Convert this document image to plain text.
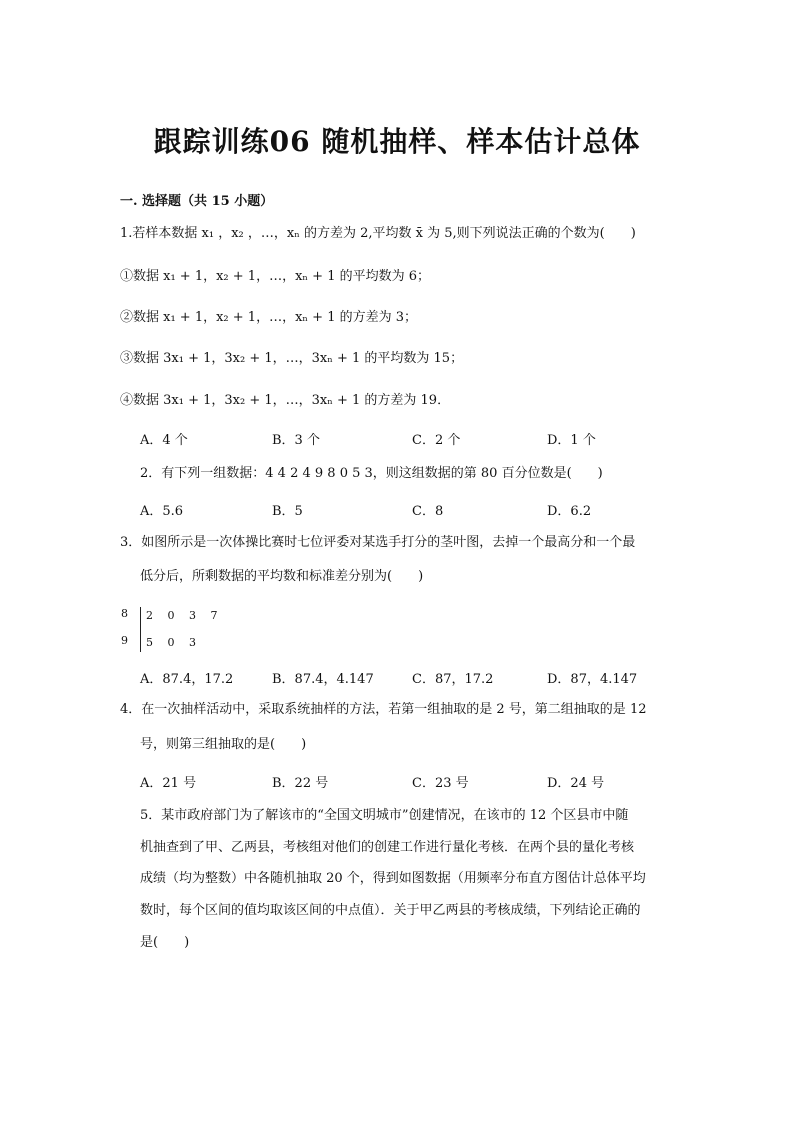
跟踪训练06 随机抽样、样本估计总体
一. 选择题（共 15 小题）
1.若样本数据 x₁ ，x₂ ，…，xₙ 的方差为 2,平均数 x̄ 为 5,则下列说法正确的个数为(　　)
①数据 x₁ + 1，x₂ + 1，…，xₙ + 1 的平均数为 6；
②数据 x₁ + 1，x₂ + 1，…，xₙ + 1 的方差为 3；
③数据 3x₁ + 1，3x₂ + 1，…，3xₙ + 1 的平均数为 15；
④数据 3x₁ + 1，3x₂ + 1，…，3xₙ + 1 的方差为 19．
A．4 个	B．3 个	C．2 个	D．1 个
2．有下列一组数据：4 4 2 4 9 8 0 5 3，则这组数据的第 80 百分位数是(　　)
A．5.6	B．5	C．8	D．6.2
3．如图所示是一次体操比赛时七位评委对某选手打分的茎叶图，去掉一个最高分和一个最
低分后，所剩数据的平均数和标准差分别为(　　)
8 2　 0　 3　 7
9 5　 0　 3
A．87.4，17.2	B．87.4，4.147	C．87，17.2	D．87，4.147
4．在一次抽样活动中，采取系统抽样的方法，若第一组抽取的是 2 号，第二组抽取的是 12
号，则第三组抽取的是(　　)
A．21 号	B．22 号	C．23 号	D．24 号
5．某市政府部门为了解该市的“全国文明城市”创建情况，在该市的 12 个区县市中随
机抽查到了甲、乙两县，考核组对他们的创建工作进行量化考核．在两个县的量化考核
成绩（均为整数）中各随机抽取 20 个，得到如图数据（用频率分布直方图估计总体平均
数时，每个区间的值均取该区间的中点值）．关于甲乙两县的考核成绩，下列结论正确的
是(　　)
